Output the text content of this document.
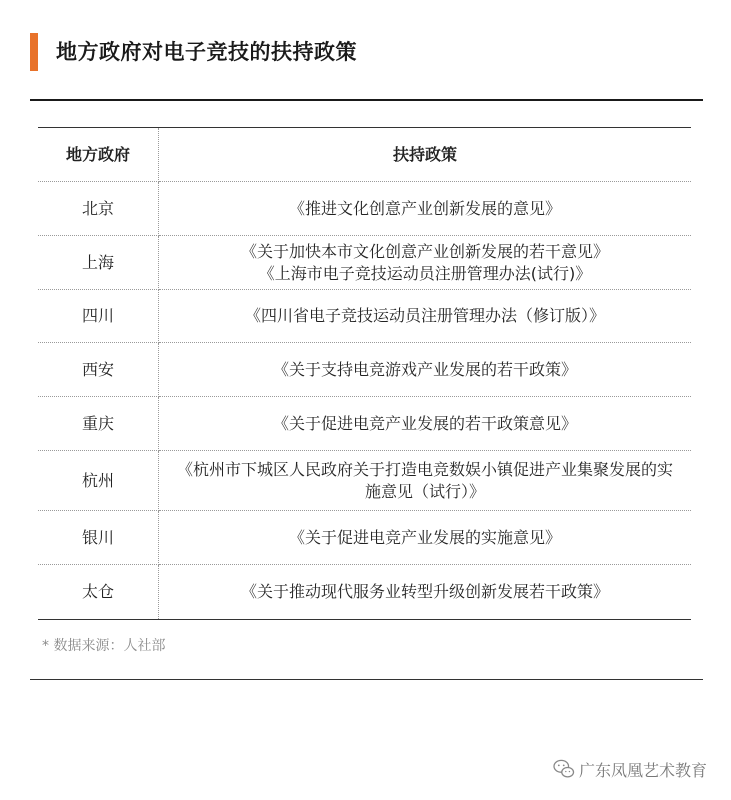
地方政府对电子竞技的扶持政策
地方政府	扶持政策
北京	《推进文化创意产业创新发展的意见》

上海	《关于加快本市文化创意产业创新发展的若干意见》
《上海市电子竞技运动员注册管理办法(试行)》

四川	《四川省电子竞技运动员注册管理办法（修订版）》

西安	《关于支持电竞游戏产业发展的若干政策》

重庆	《关于促进电竞产业发展的若干政策意见》

杭州	《杭州市下城区人民政府关于打造电竞数娱小镇促进产业集聚发展的实
施意见（试行）》

银川	《关于促进电竞产业发展的实施意见》

太仓	《关于推动现代服务业转型升级创新发展若干政策》
* 数据来源：人社部
广东凤凰艺术教育
